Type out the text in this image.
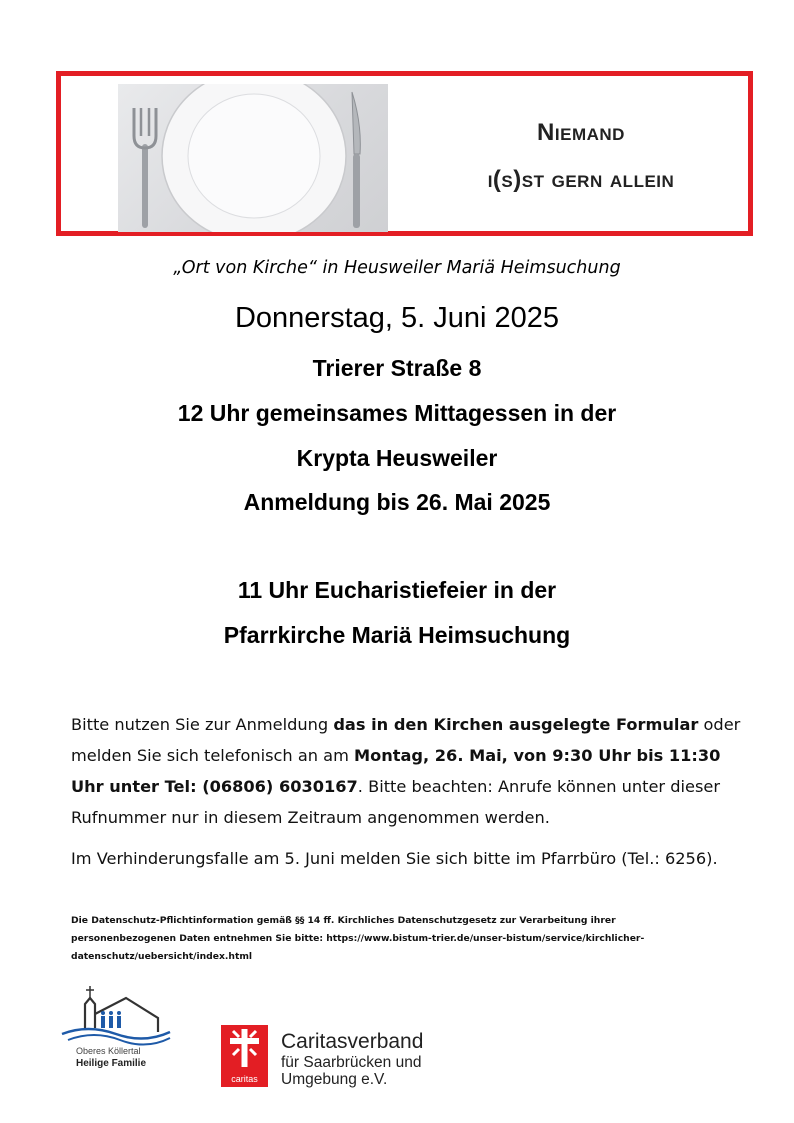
Niemand
i(s)st gern allein
„Ort von Kirche“ in Heusweiler Mariä Heimsuchung
Donnerstag, 5. Juni 2025
Trierer Straße 8
12 Uhr gemeinsames Mittagessen in der
Krypta Heusweiler
Anmeldung bis 26. Mai 2025
11 Uhr Eucharistiefeier in der
Pfarrkirche Mariä Heimsuchung
Bitte nutzen Sie zur Anmeldung das in den Kirchen ausgelegte Formular oder melden Sie sich telefonisch an am Montag, 26. Mai, von 9:30 Uhr bis 11:30 Uhr unter Tel: (06806) 6030167. Bitte beachten: Anrufe können unter dieser Rufnummer nur in diesem Zeitraum angenommen werden.
Im Verhinderungsfalle am 5. Juni melden Sie sich bitte im Pfarrbüro (Tel.: 6256).
Die Datenschutz-Pflichtinformation gemäß §§ 14 ff. Kirchliches Datenschutzgesetz zur Verarbeitung ihrer personenbezogenen Daten entnehmen Sie bitte: https://www.bistum-trier.de/unser-bistum/service/kirchlicher-datenschutz/uebersicht/index.html
Oberes Köllertal
Heilige Familie
caritas
Caritasverband
für Saarbrücken und
Umgebung e.V.
